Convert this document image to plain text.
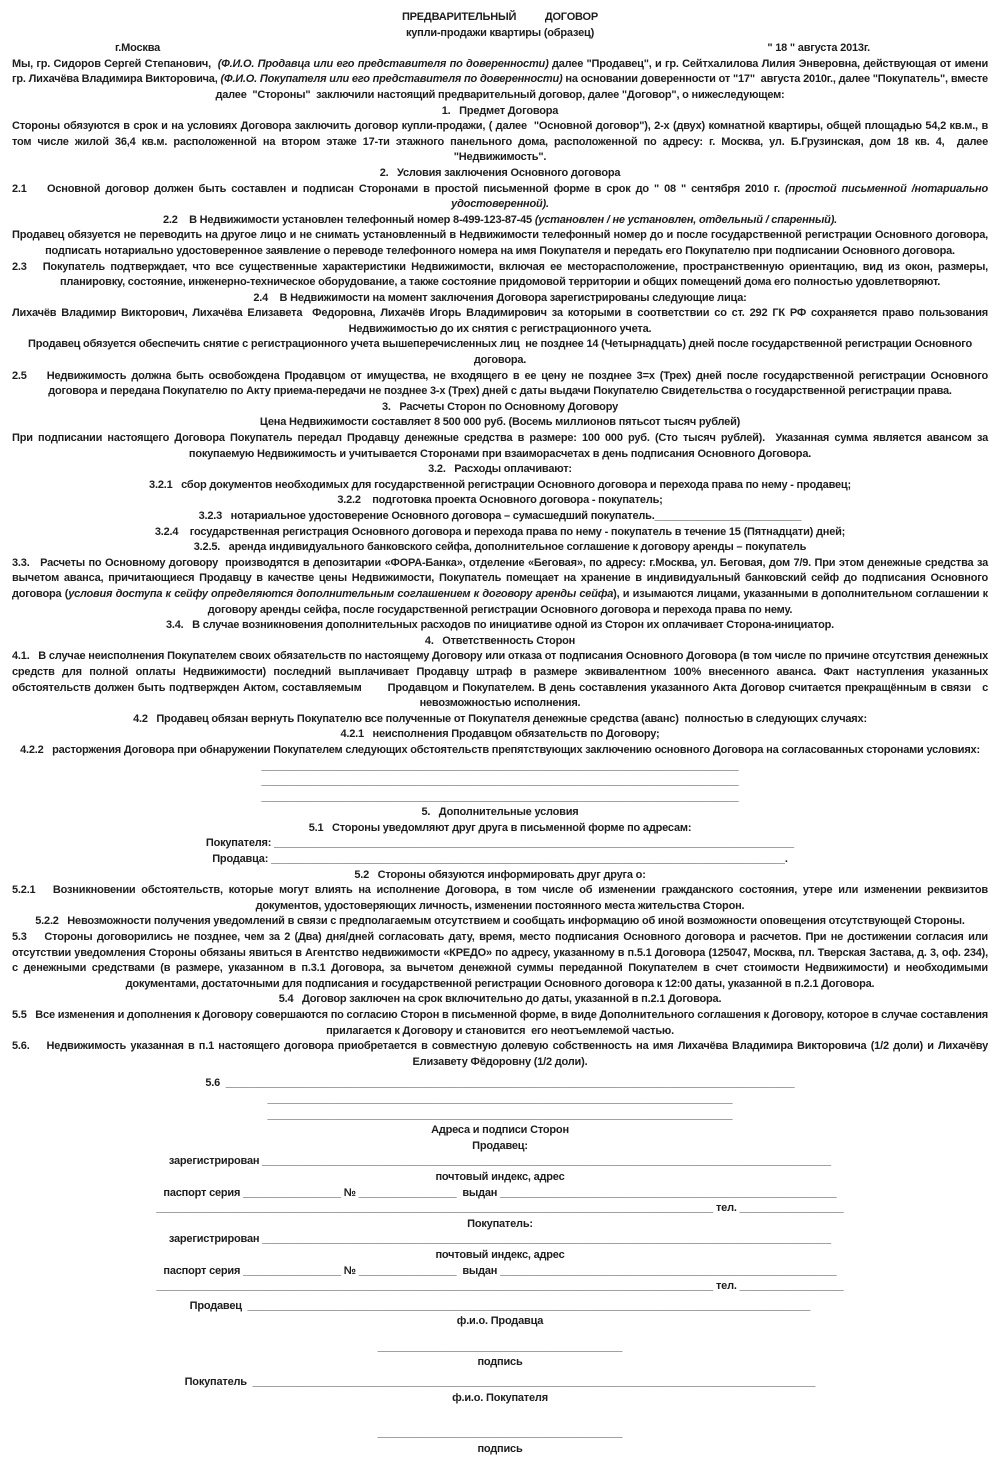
ПРЕДВАРИТЕЛЬНЫЙ          ДОГОВОР
купли-продажи квартиры (образец)
г.Москва	" 18 " августа 2013г.
Мы, гр. Сидоров Сергей Степанович,  (Ф.И.О. Продавца или его представителя по доверенности) далее "Продавец", и гр. Сейтхалилова Лилия Энверовна, действующая от имени гр. Лихачёва Владимира Викторовича, (Ф.И.О. Покупателя или его представителя по доверенности) на основании доверенности от "17"  августа 2010г., далее "Покупатель", вместе далее  "Стороны"  заключили настоящий предварительный договор, далее "Договор", о нижеследующем:
1.   Предмет Договора
Стороны обязуются в срок и на условиях Договора заключить договор купли-продажи, ( далее  "Основной договор"), 2-х (двух) комнатной квартиры, общей площадью 54,2 кв.м., в том числе жилой 36,4 кв.м. расположенной на втором этаже 17-ти этажного панельного дома, расположенной по адресу: г. Москва, ул. Б.Грузинская, дом 18 кв. 4,  далее "Недвижимость".
2.   Условия заключения Основного договора
2.1    Основной договор должен быть составлен и подписан Сторонами в простой письменной форме в срок до " 08 " сентября 2010 г. (простой письменной /нотариально удостоверенной).
2.2    В Недвижимости установлен телефонный номер 8-499-123-87-45 (установлен / не установлен, отдельный / спаренный).
Продавец обязуется не переводить на другое лицо и не снимать установленный в Недвижимости телефонный номер до и после государственной регистрации Основного договора, подписать нотариально удостоверенное заявление о переводе телефонного номера на имя Покупателя и передать его Покупателю при подписании Основного договора.
2.3   Покупатель подтверждает, что все существенные характеристики Недвижимости, включая ее месторасположение, пространственную ориентацию, вид из окон, размеры, планировку, состояние, инженерно-техническое оборудование, а также состояние придомовой территории и общих помещений дома его полностью удовлетворяют.
2.4    В Недвижимости на момент заключения Договора зарегистрированы следующие лица:
Лихачёв Владимир Викторович, Лихачёва Елизавета  Федоровна, Лихачёв Игорь Владимирович за которыми в соответствии со ст. 292 ГК РФ сохраняется право пользования Недвижимостью до их снятия с регистрационного учета.
Продавец обязуется обеспечить снятие с регистрационного учета вышеперечисленных лиц  не позднее 14 (Четырнадцать) дней после государственной регистрации Основного договора.
2.5    Недвижимость должна быть освобождена Продавцом от имущества, не входящего в ее цену не позднее 3=х (Трех) дней после государственной регистрации Основного договора и передана Покупателю по Акту приема-передачи не позднее 3-х (Трех) дней с даты выдачи Покупателю Свидетельства о государственной регистрации права.
3.   Расчеты Сторон по Основному Договору
Цена Недвижимости составляет 8 500 000 руб. (Восемь миллионов пятьсот тысяч рублей)
При подписании настоящего Договора Покупатель передал Продавцу денежные средства в размере: 100 000 руб. (Сто тысяч рублей).  Указанная сумма является авансом за покупаемую Недвижимость и учитывается Сторонами при взаиморасчетах в день подписания Основного Договора.
3.2.   Расходы оплачивают:
3.2.1   сбор документов необходимых для государственной регистрации Основного договора и перехода права по нему - продавец;
3.2.2    подготовка проекта Основного договора - покупатель;
3.2.3   нотариальное удостоверение Основного договора – сумасшедший покупатель.________________________
3.2.4    государственная регистрация Основного договора и перехода права по нему - покупатель в течение 15 (Пятнадцати) дней;
3.2.5.   аренда индивидуального банковского сейфа, дополнительное соглашение к договору аренды – покупатель
3.3.   Расчеты по Основному договору  производятся в депозитарии «ФОРА-Банка», отделение «Беговая», по адресу: г.Москва, ул. Беговая, дом 7/9. При этом денежные средства за вычетом аванса, причитающиеся Продавцу в качестве цены Недвижимости, Покупатель помещает на хранение в индивидуальный банковский сейф до подписания Основного договора (условия доступа к сейфу определяются дополнительным соглашением к договору аренды сейфа), и изымаются лицами, указанными в дополнительном соглашении к договору аренды сейфа, после государственной регистрации Основного договора и перехода права по нему.
3.4.   В случае возникновения дополнительных расходов по инициативе одной из Сторон их оплачивает Сторона-инициатор.
4.   Ответственность Сторон
4.1.   В случае неисполнения Покупателем своих обязательств по настоящему Договору или отказа от подписания Основного Договора (в том числе по причине отсутствия денежных средств для полной оплаты Недвижимости) последний выплачивает Продавцу штраф в размере эквивалентном 100% внесенного аванса. Факт наступления указанных обстоятельств должен быть подтвержден Актом, составляемым       Продавцом и Покупателем. В день составления указанного Акта Договор считается прекращённым в связи   с невозможностью исполнения.
4.2   Продавец обязан вернуть Покупателю все полученные от Покупателя денежные средства (аванс)  полностью в следующих случаях:
4.2.1   неисполнения Продавцом обязательств по Договору;
4.2.2   расторжения Договора при обнаружении Покупателем следующих обстоятельств препятствующих заключению основного Договора на согласованных сторонами условиях:
______________________________________________________________________________
______________________________________________________________________________
______________________________________________________________________________
5.   Дополнительные условия
5.1   Стороны уведомляют друг друга в письменной форме по адресам:
Покупателя: _____________________________________________________________________________________
Продавца: ____________________________________________________________________________________.
5.2   Стороны обязуются информировать друг друга о:
5.2.1   Возникновении обстоятельств, которые могут влиять на исполнение Договора, в том числе об изменении гражданского состояния, утере или изменении реквизитов документов, удостоверяющих личность, изменении постоянного места жительства Сторон.
5.2.2   Невозможности получения уведомлений в связи с предполагаемым отсутствием и сообщать информацию об иной возможности оповещения отсутствующей Стороны.
5.3    Стороны договорились не позднее, чем за 2 (Два) дня/дней согласовать дату, время, место подписания Основного договора и расчетов. При не достижении согласия или отсутствии уведомления Стороны обязаны явиться в Агентство недвижимости «КРЕДО» по адресу, указанному в п.5.1 Договора (125047, Москва, пл. Тверская Застава, д. 3, оф. 234), с денежными средствами (в размере, указанном в п.3.1 Договора, за вычетом денежной суммы переданной Покупателем в счет стоимости Недвижимости) и необходимыми документами, достаточными для подписания и государственной регистрации Основного договора к 12:00 даты, указанной в п.2.1 Договора.
5.4   Договор заключен на срок включительно до даты, указанной в п.2.1 Договора.
5.5   Все изменения и дополнения к Договору совершаются по согласию Сторон в письменной форме, в виде Дополнительного соглашения к Договору, которое в случае составления прилагается к Договору и становится  его неотъемлемой частью.
5.6.    Недвижимость указанная в п.1 настоящего договора приобретается в совместную долевую собственность на имя Лихачёва Владимира Викторовича (1/2 доли) и Лихачёву Елизавету Фёдоровну (1/2 доли).
5.6  _____________________________________________________________________________________________
____________________________________________________________________________
____________________________________________________________________________
Адреса и подписи Сторон
Продавец:
зарегистрирован _____________________________________________________________________________________________
почтовый индекс, адрес
паспорт серия ________________ № ________________  выдан _______________________________________________________
___________________________________________________________________________________________ тел. _________________
Покупатель:
зарегистрирован _____________________________________________________________________________________________
почтовый индекс, адрес
паспорт серия ________________ № ________________  выдан _______________________________________________________
___________________________________________________________________________________________ тел. _________________
Продавец  ____________________________________________________________________________________________
ф.и.о. Продавца
________________________________________
подпись
Покупатель  ____________________________________________________________________________________________
ф.и.о. Покупателя
________________________________________
подпись
